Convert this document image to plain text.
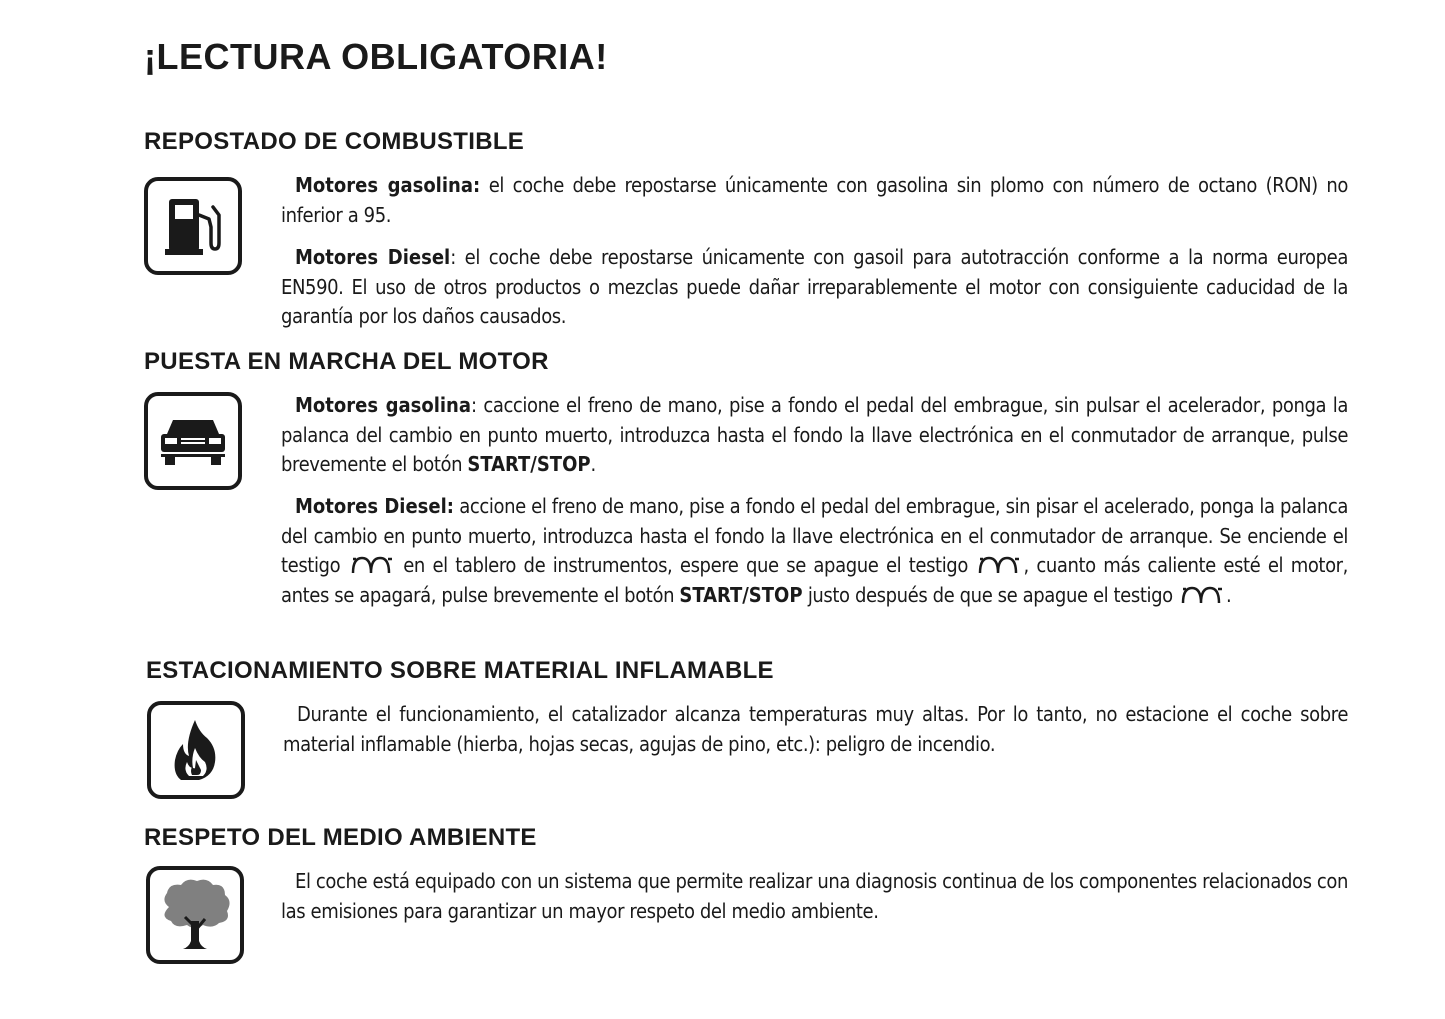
¡LECTURA OBLIGATORIA!
REPOSTADO DE COMBUSTIBLE

Motores gasolina: el coche debe repostarse únicamente con gasolina sin plomo con número de octano (RON) no inferior a 95.

Motores Diesel: el coche debe repostarse únicamente con gasoil para autotracción conforme a la norma europea EN590. El uso de otros productos o mezclas puede dañar irreparablemente el motor con consiguiente caducidad de la garantía por los daños causados.

PUESTA EN MARCHA DEL MOTOR

Motores gasolina: caccione el freno de mano, pise a fondo el pedal del embrague, sin pulsar el acelerador, ponga la palanca del cambio en punto muerto, introduzca hasta el fondo la llave electrónica en el conmutador de arranque, pulse brevemente el botón START/STOP.

Motores Diesel: accione el freno de mano, pise a fondo el pedal del embrague, sin pisar el acelerado, ponga la palanca del cambio en punto muerto, introduzca hasta el fondo la llave electrónica en el conmutador de arranque. Se enciende el testigo  en el tablero de instrumentos, espere que se apague el testigo , cuanto más caliente esté el motor, antes se apagará, pulse brevemente el botón START/STOP justo después de que se apague el testigo .

ESTACIONAMIENTO SOBRE MATERIAL INFLAMABLE

Durante el funcionamiento, el catalizador alcanza temperaturas muy altas. Por lo tanto, no estacione el coche sobre material inflamable (hierba, hojas secas, agujas de pino, etc.): peligro de incendio.

RESPETO DEL MEDIO AMBIENTE

El coche está equipado con un sistema que permite realizar una diagnosis continua de los componentes relacionados con las emisiones para garantizar un mayor respeto del medio ambiente.
